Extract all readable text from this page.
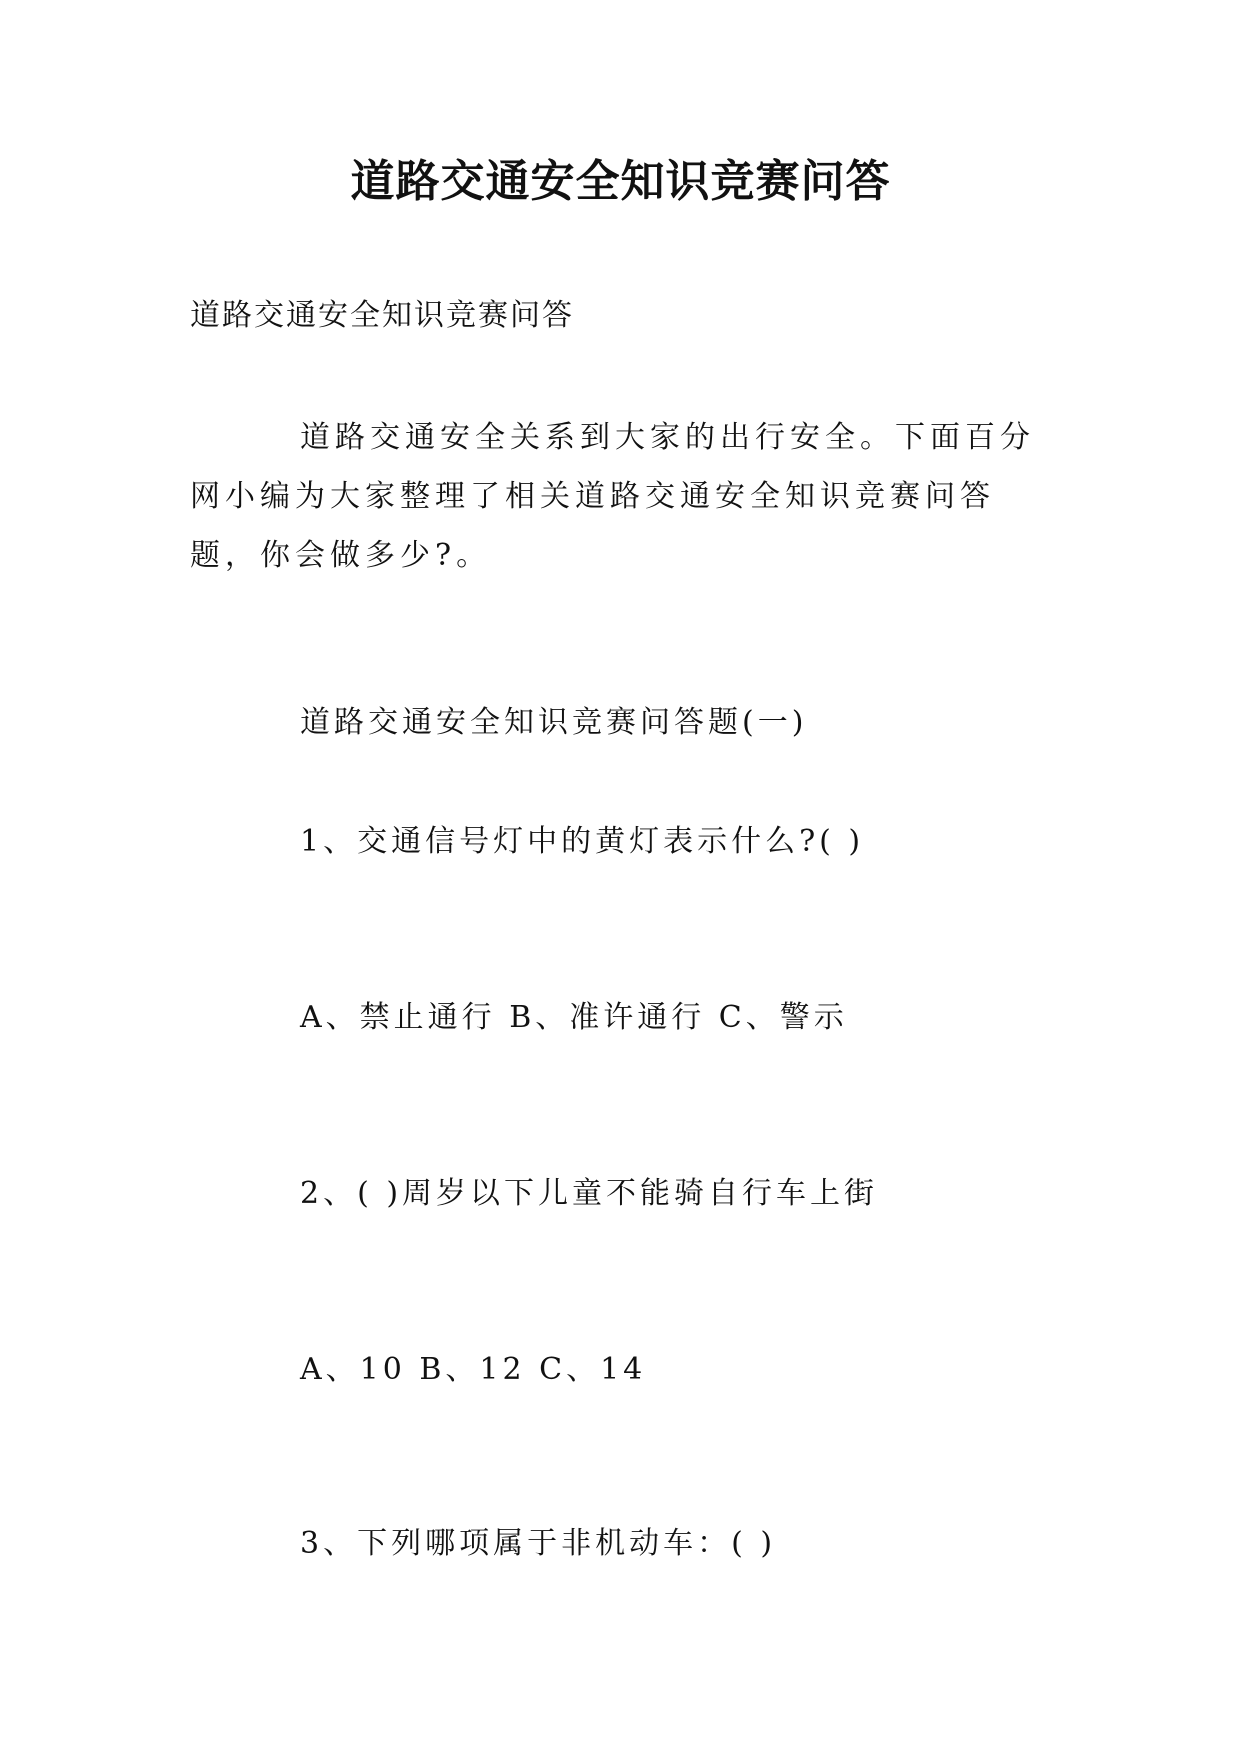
道路交通安全知识竞赛问答
道路交通安全知识竞赛问答

道路交通安全关系到大家的出行安全。下面百分网小编为大家整理了相关道路交通安全知识竞赛问答题，你会做多少?。

道路交通安全知识竞赛问答题(一)
1、交通信号灯中的黄灯表示什么?( )
A、禁止通行 B、准许通行 C、警示
2、( )周岁以下儿童不能骑自行车上街
A、10 B、12 C、14
3、下列哪项属于非机动车：( )
